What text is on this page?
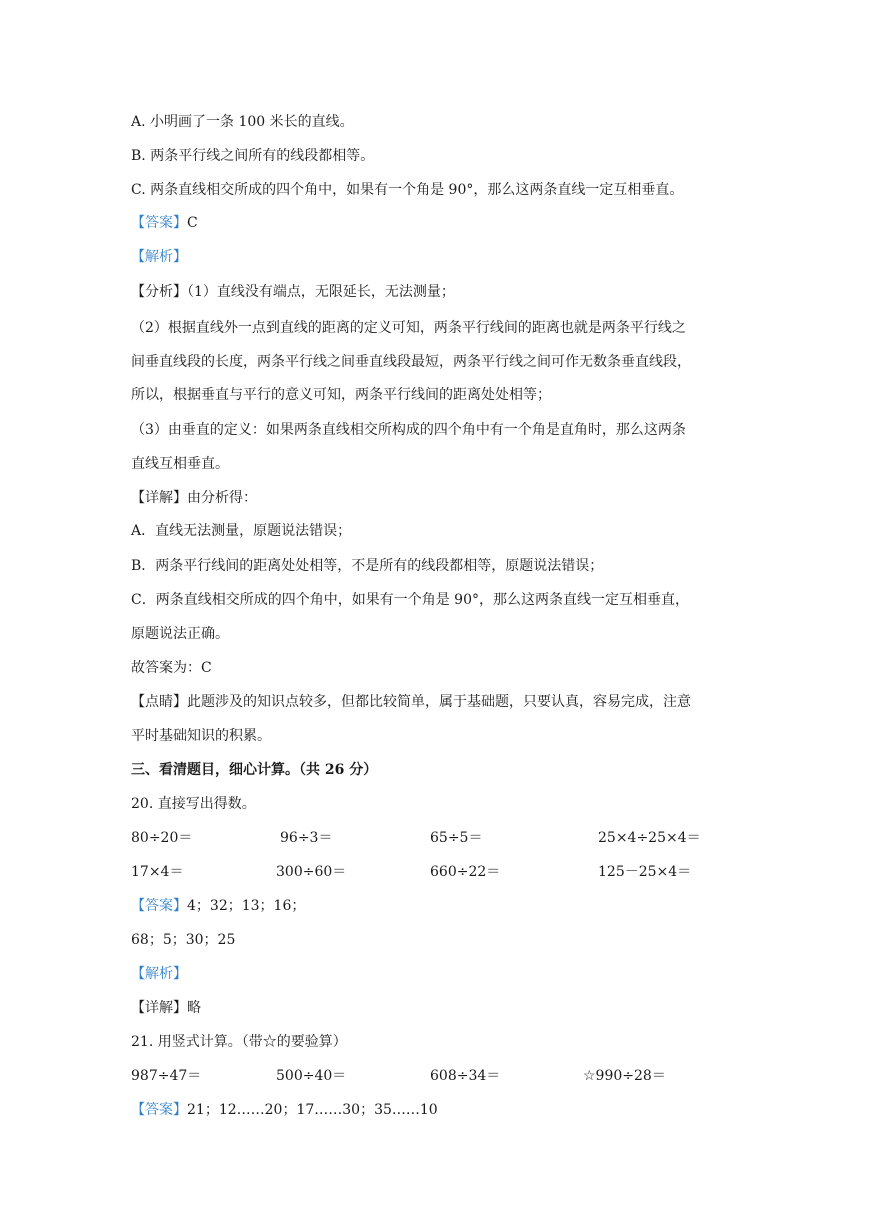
A. 小明画了一条 100 米长的直线。
B. 两条平行线之间所有的线段都相等。
C. 两条直线相交所成的四个角中，如果有一个角是 90°，那么这两条直线一定互相垂直。
【答案】C
【解析】
【分析】（1）直线没有端点，无限延长，无法测量；
（2）根据直线外一点到直线的距离的定义可知，两条平行线间的距离也就是两条平行线之
间垂直线段的长度，两条平行线之间垂直线段最短，两条平行线之间可作无数条垂直线段，
所以，根据垂直与平行的意义可知，两条平行线间的距离处处相等；
（3）由垂直的定义：如果两条直线相交所构成的四个角中有一个角是直角时，那么这两条
直线互相垂直。
【详解】由分析得：
A．直线无法测量，原题说法错误；
B．两条平行线间的距离处处相等，不是所有的线段都相等，原题说法错误；
C．两条直线相交所成的四个角中，如果有一个角是 90°，那么这两条直线一定互相垂直，
原题说法正确。
故答案为：C
【点睛】此题涉及的知识点较多，但都比较简单，属于基础题，只要认真，容易完成，注意
平时基础知识的积累。
三、看清题目，细心计算。（共 26 分）
20. 直接写出得数。
80÷20＝	96÷3＝	65÷5＝	25×4÷25×4＝
17×4＝	300÷60＝	660÷22＝	125－25×4＝
【答案】4；32；13；16；
68；5；30；25
【解析】
【详解】略
21. 用竖式计算。（带☆的要验算）
987÷47＝	500÷40＝	608÷34＝	☆990÷28＝
【答案】21；12……20；17……30；35……10
